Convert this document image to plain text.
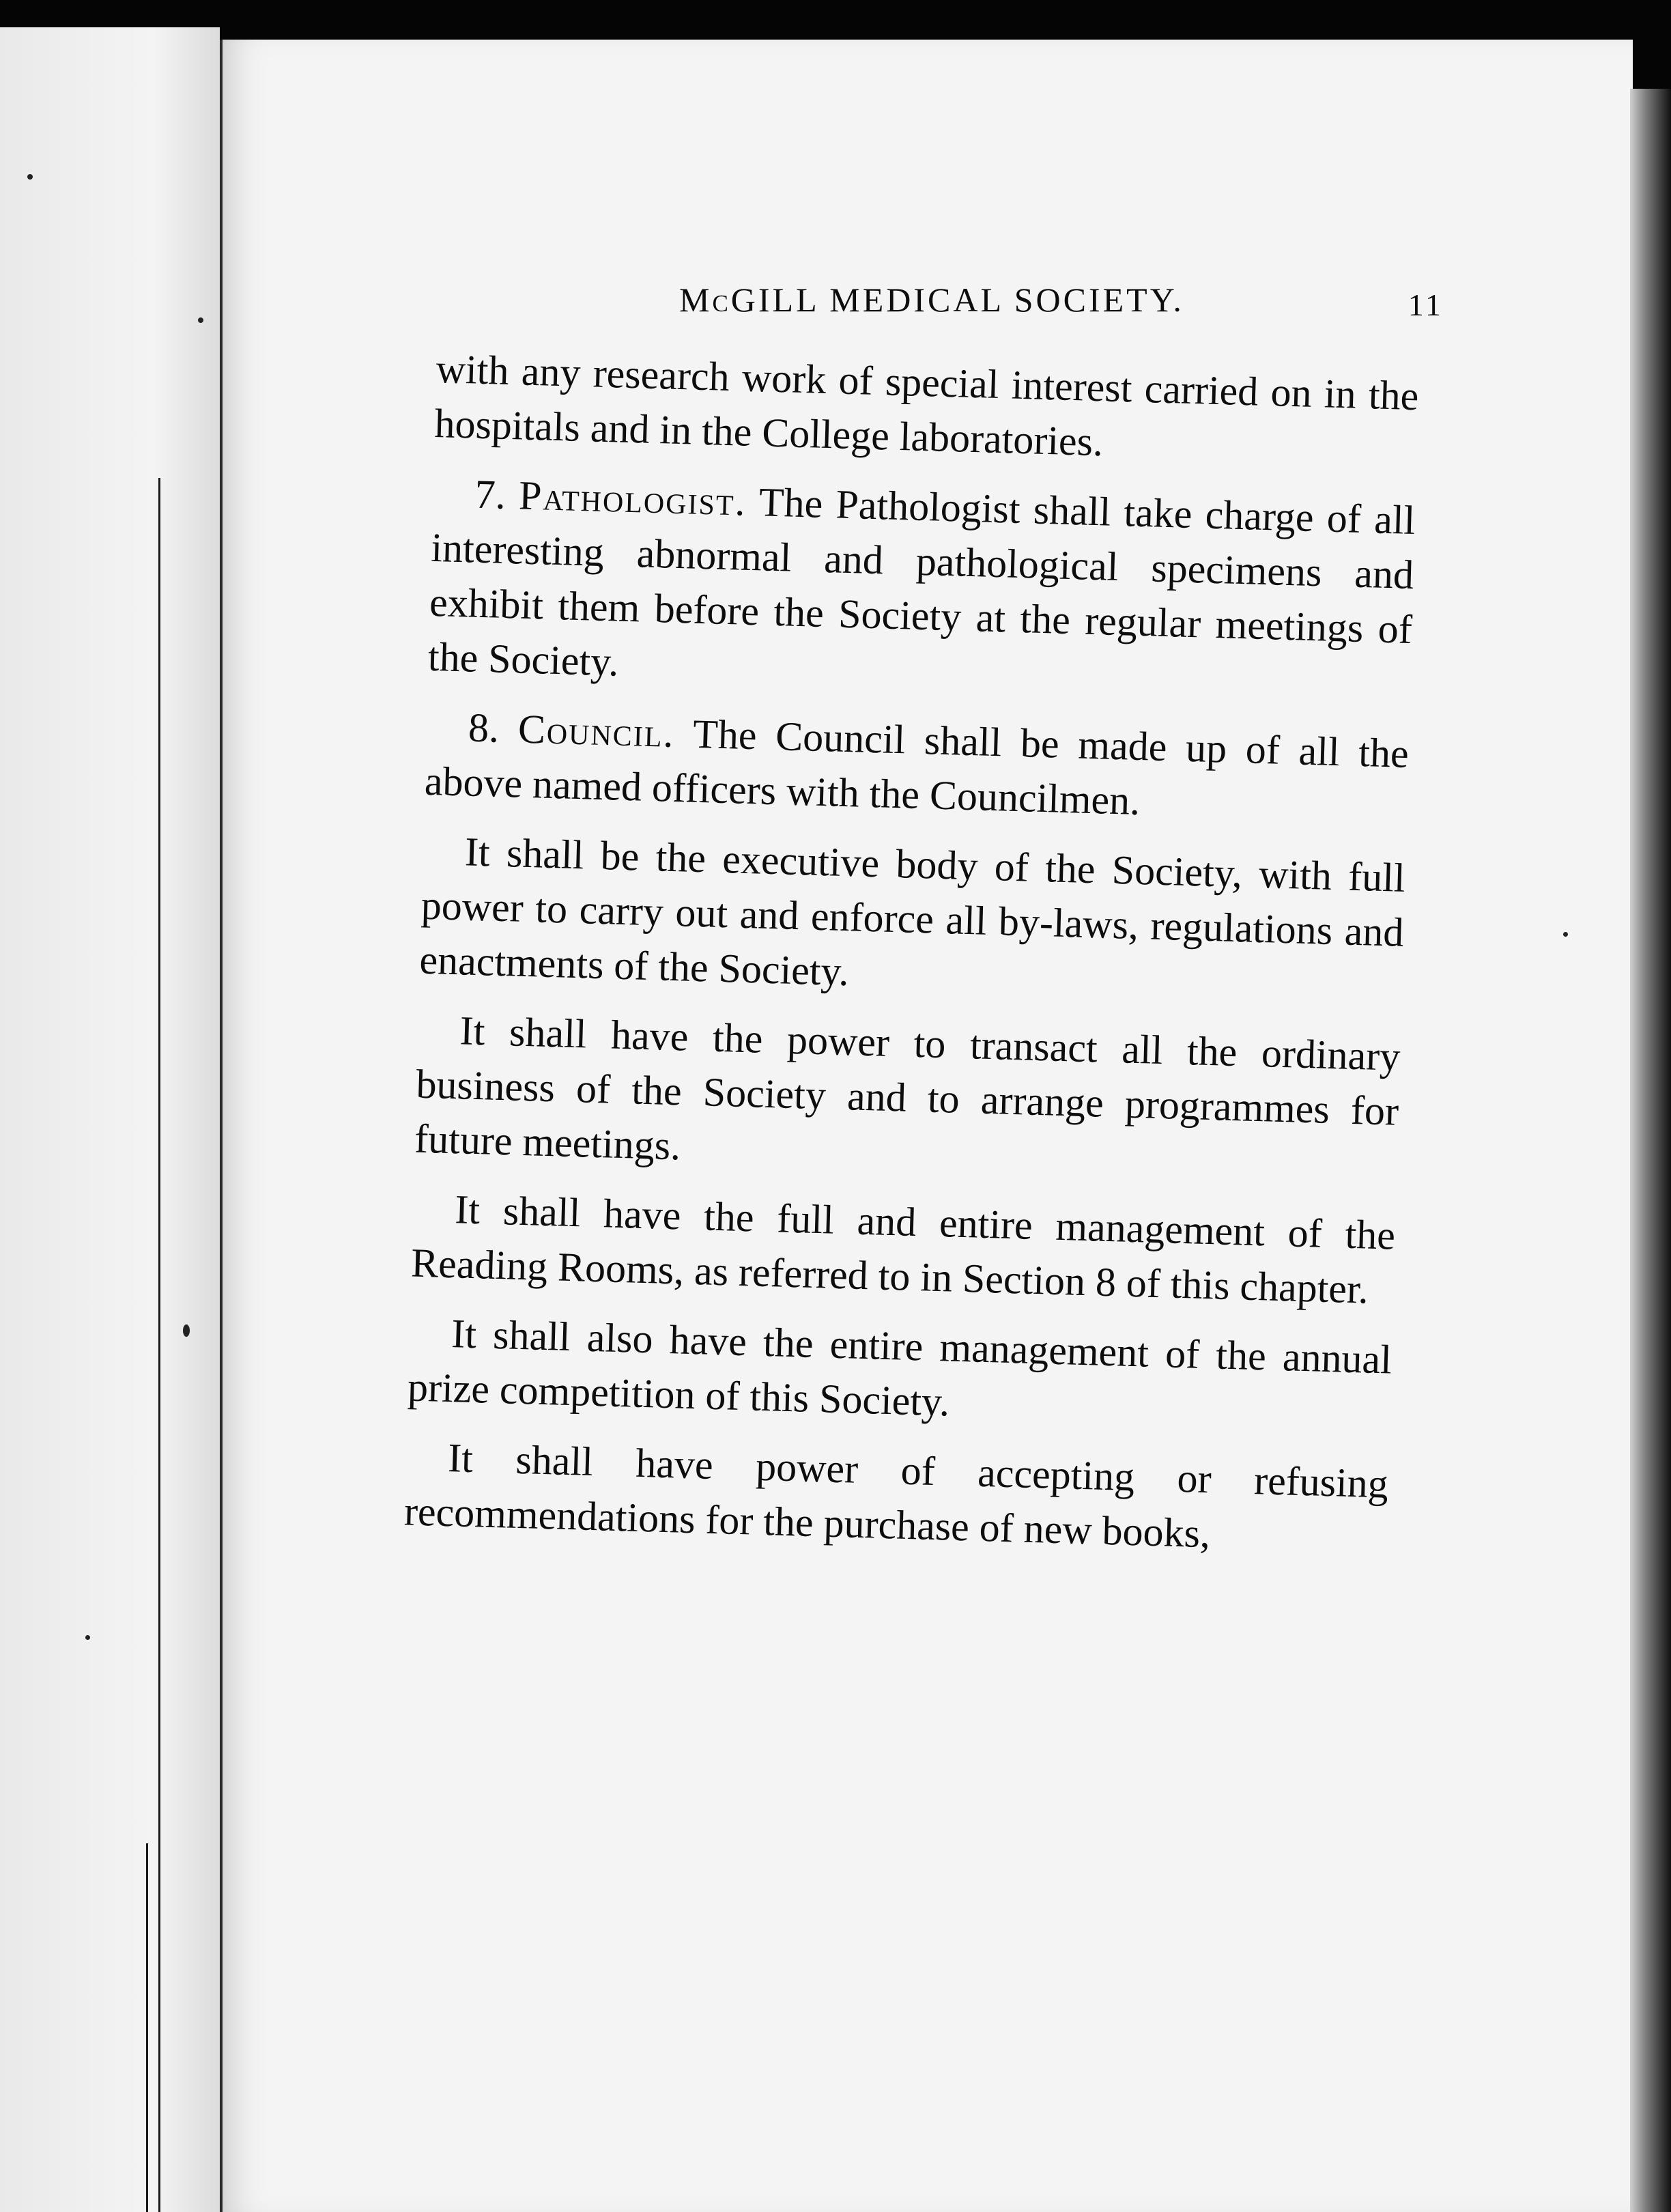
McGILL MEDICAL SOCIETY.	11

with any research work of special interest carried on in the hospitals and in the College laboratories.

7. Pathologist. The Pathologist shall take charge of all interesting abnormal and pathological specimens and exhibit them before the Society at the regular meetings of the Society.

8. Council. The Council shall be made up of all the above named officers with the Councilmen.

It shall be the executive body of the Society, with full power to carry out and enforce all by-laws, regulations and enactments of the Society.

It shall have the power to transact all the ordinary business of the Society and to arrange programmes for future meetings.

It shall have the full and entire management of the Reading Rooms, as referred to in Section 8 of this chapter.

It shall also have the entire management of the annual prize competition of this Society.

It shall have power of accepting or refusing recommendations for the purchase of new books,
